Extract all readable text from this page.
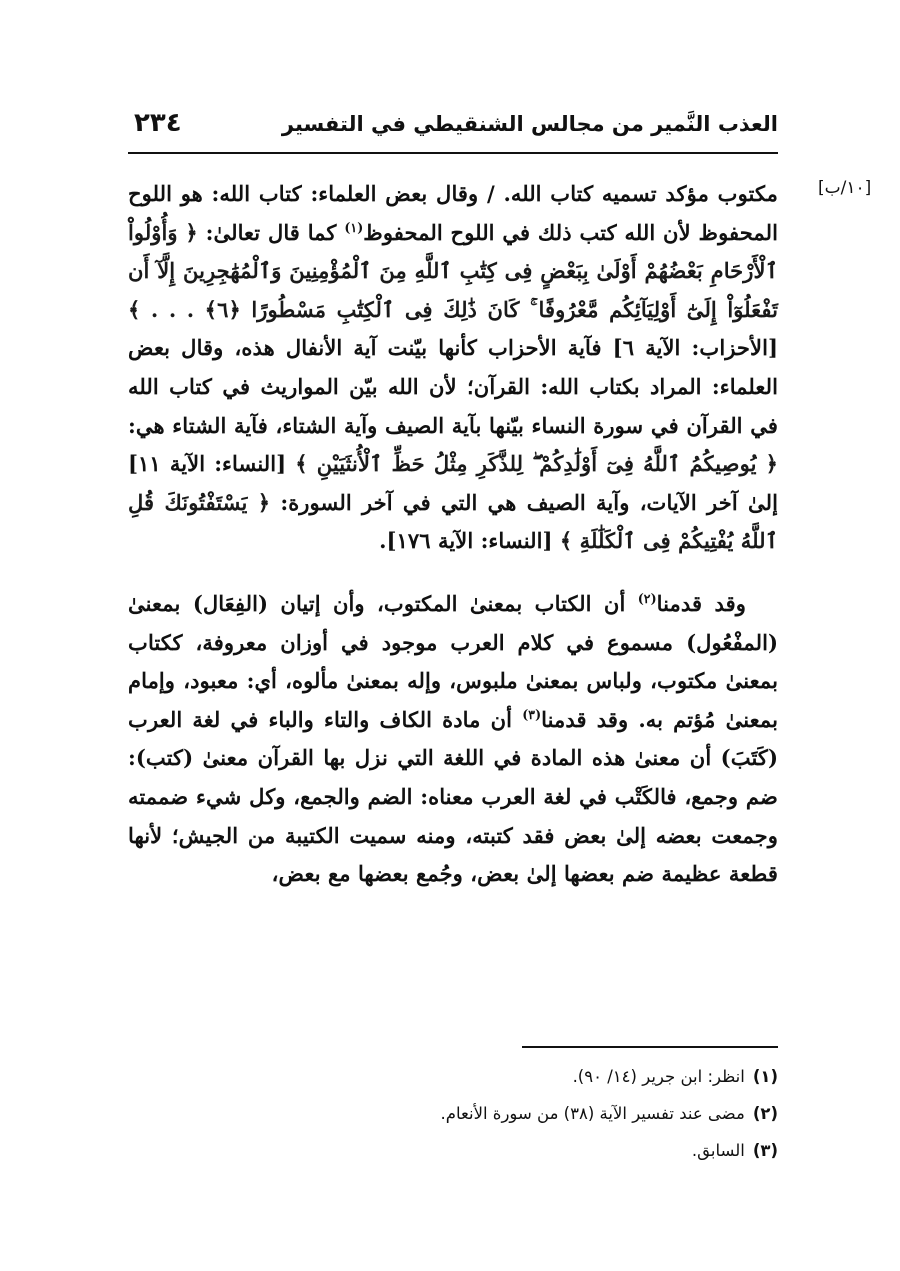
العذب النَّمير من مجالس الشنقيطي في التفسير
٢٣٤
[١٠/ب]

مكتوب مؤكد تسميه كتاب الله. / وقال بعض العلماء: كتاب الله: هو اللوح المحفوظ لأن الله كتب ذلك في اللوح المحفوظ$^{(١)}$ كما قال تعالىٰ: ﴿ وَأُوْلُواْ ٱلْأَرْحَامِ بَعْضُهُمْ أَوْلَىٰ بِبَعْضٍ فِى كِتَٰبِ ٱللَّهِ مِنَ ٱلْمُؤْمِنِينَ وَٱلْمُهَٰجِرِينَ إِلَّآ أَن تَفْعَلُوٓاْ إِلَىٰٓ أَوْلِيَآئِكُم مَّعْرُوفًا ۚ كَانَ ذَٰلِكَ فِى ٱلْكِتَٰبِ مَسْطُورًا ﴿٦﴾ . . . ﴾ [الأحزاب: الآية ٦] فآية الأحزاب كأنها بيّنت آية الأنفال هذه، وقال بعض العلماء: المراد بكتاب الله: القرآن؛ لأن الله بيّن المواريث في كتاب الله في القرآن في سورة النساء بيّنها بآية الصيف وآية الشتاء، فآية الشتاء هي: ﴿ يُوصِيكُمُ ٱللَّهُ فِىٓ أَوْلَٰدِكُمْ ۖ لِلذَّكَرِ مِثْلُ حَظِّ ٱلْأُنثَيَيْنِ ﴾ [النساء: الآية ١١] إلىٰ آخر الآيات، وآية الصيف هي التي في آخر السورة: ﴿ يَسْتَفْتُونَكَ قُلِ ٱللَّهُ يُفْتِيكُمْ فِى ٱلْكَلَٰلَةِ ﴾ [النساء: الآية ١٧٦].

وقد قدمنا$^{(٢)}$ أن الكتاب بمعنىٰ المكتوب، وأن إتيان (الفِعَال) بمعنىٰ (المفْعُول) مسموع في كلام العرب موجود في أوزان معروفة، ككتاب بمعنىٰ مكتوب، ولباس بمعنىٰ ملبوس، وإله بمعنىٰ مألوه، أي: معبود، وإمام بمعنىٰ مُؤتم به. وقد قدمنا$^{(٣)}$ أن مادة الكاف والتاء والباء في لغة العرب (كَتَبَ) أن معنىٰ هذه المادة في اللغة التي نزل بها القرآن معنىٰ (كتب): ضم وجمع، فالكَتْب في لغة العرب معناه: الضم والجمع، وكل شيء ضممته وجمعت بعضه إلىٰ بعض فقد كتبته، ومنه سميت الكتيبة من الجيش؛ لأنها قطعة عظيمة ضم بعضها إلىٰ بعض، وجُمع بعضها مع بعض،

(١)انظر: ابن جرير (١٤/ ٩٠).
(٢)مضى عند تفسير الآية (٣٨) من سورة الأنعام.
(٣)السابق.
